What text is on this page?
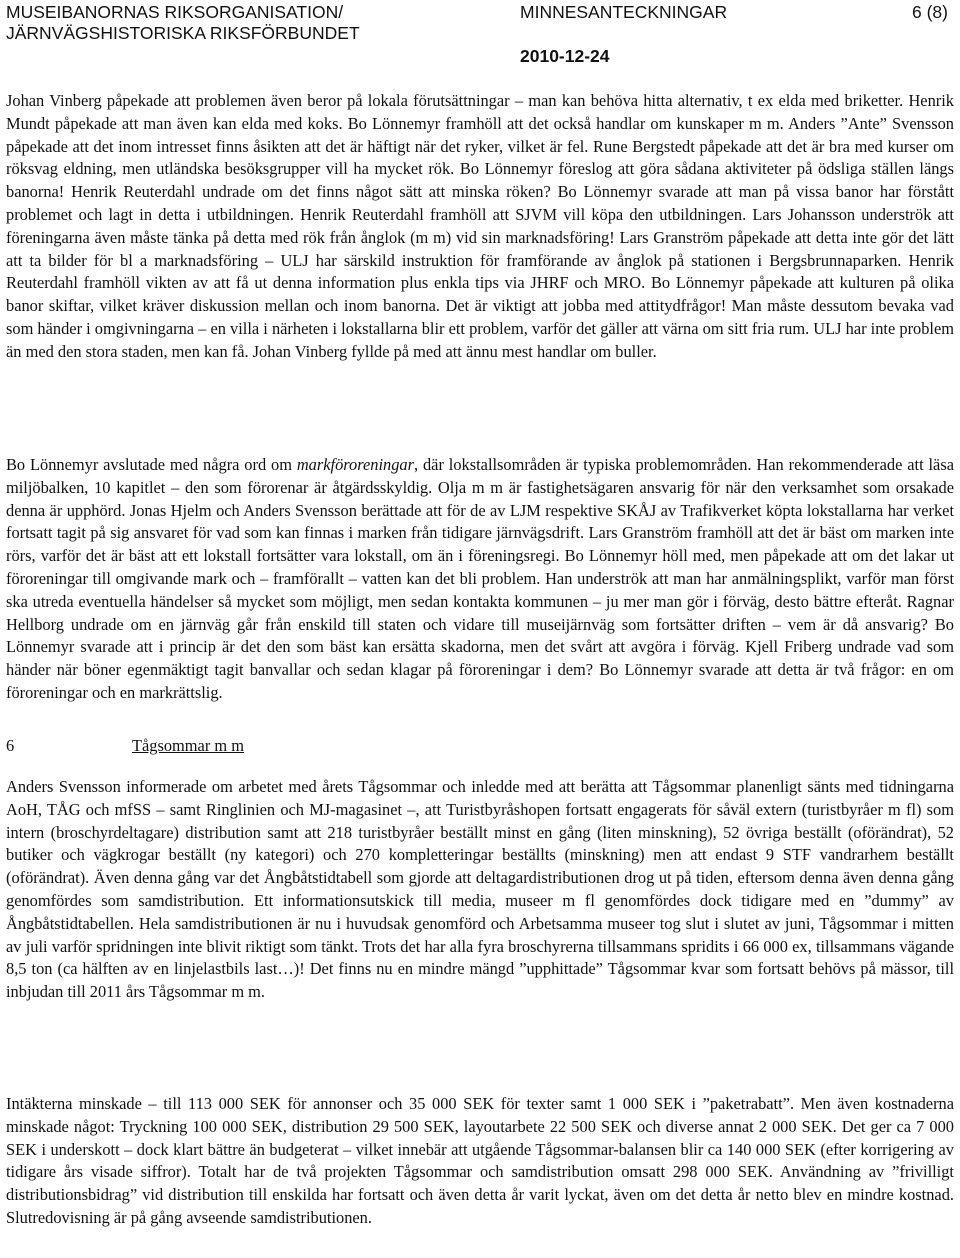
MUSEIBANORNAS RIKSORGANISATION/
JÄRNVÄGSHISTORISKA RIKSFÖRBUNDET
MINNESANTECKNINGAR	6 (8)
2010-12-24

Johan Vinberg påpekade att problemen även beror på lokala förutsättningar – man kan behöva hitta alternativ, t ex elda med briketter. Henrik Mundt påpekade att man även kan elda med koks. Bo Lönnemyr framhöll att det också handlar om kunskaper m m. Anders ”Ante” Svensson påpekade att det inom intresset finns åsikten att det är häftigt när det ryker, vilket är fel. Rune Bergstedt påpekade att det är bra med kurser om röksvag eldning, men utländska besöksgrupper vill ha mycket rök. Bo Lönnemyr föreslog att göra sådana aktiviteter på ödsliga ställen längs banorna! Henrik Reuterdahl undrade om det finns något sätt att minska röken? Bo Lönnemyr svarade att man på vissa banor har förstått problemet och lagt in detta i utbildningen. Henrik Reuterdahl framhöll att SJVM vill köpa den utbildningen. Lars Johansson underströk att föreningarna även måste tänka på detta med rök från ånglok (m m) vid sin marknadsföring! Lars Granström påpekade att detta inte gör det lätt att ta bilder för bl a marknadsföring – ULJ har särskild instruktion för framförande av ånglok på stationen i Bergsbrunnaparken. Henrik Reuterdahl framhöll vikten av att få ut denna information plus enkla tips via JHRF och MRO. Bo Lönnemyr påpekade att kulturen på olika banor skiftar, vilket kräver diskussion mellan och inom banorna. Det är viktigt att jobba med attitydfrågor! Man måste dessutom bevaka vad som händer i omgivningarna – en villa i närheten i lokstallarna blir ett problem, varför det gäller att värna om sitt fria rum. ULJ har inte problem än med den stora staden, men kan få. Johan Vinberg fyllde på med att ännu mest handlar om buller.

Bo Lönnemyr avslutade med några ord om markföroreningar, där lokstallsområden är typiska problemområden. Han rekommenderade att läsa miljöbalken, 10 kapitlet – den som förorenar är åtgärdsskyldig. Olja m m är fastighetsägaren ansvarig för när den verksamhet som orsakade denna är upphörd. Jonas Hjelm och Anders Svensson berättade att för de av LJM respektive SKÅJ av Trafikverket köpta lokstallarna har verket fortsatt tagit på sig ansvaret för vad som kan finnas i marken från tidigare järnvägsdrift. Lars Granström framhöll att det är bäst om marken inte rörs, varför det är bäst att ett lokstall fortsätter vara lokstall, om än i föreningsregi. Bo Lönnemyr höll med, men påpekade att om det lakar ut föroreningar till omgivande mark och – framförallt – vatten kan det bli problem. Han underströk att man har anmälningsplikt, varför man först ska utreda eventuella händelser så mycket som möjligt, men sedan kontakta kommunen – ju mer man gör i förväg, desto bättre efteråt. Ragnar Hellborg undrade om en järnväg går från enskild till staten och vidare till museijärnväg som fortsätter driften – vem är då ansvarig? Bo Lönnemyr svarade att i princip är det den som bäst kan ersätta skadorna, men det svårt att avgöra i förväg. Kjell Friberg undrade vad som händer när böner egenmäktigt tagit banvallar och sedan klagar på föroreningar i dem? Bo Lönnemyr svarade att detta är två frågor: en om föroreningar och en markrättslig.

6	Tågsommar m m

Anders Svensson informerade om arbetet med årets Tågsommar och inledde med att berätta att Tågsommar planenligt sänts med tidningarna AoH, TÅG och mfSS – samt Ringlinien och MJ-magasinet –, att Turistbyråshopen fortsatt engagerats för såväl extern (turistbyråer m fl) som intern (broschyrdeltagare) distribution samt att 218 turistbyråer beställt minst en gång (liten minskning), 52 övriga beställt (oförändrat), 52 butiker och vägkrogar beställt (ny kategori) och 270 kompletteringar beställts (minskning) men att endast 9 STF vandrarhem beställt (oförändrat). Även denna gång var det Ångbåtstidtabell som gjorde att deltagardistributionen drog ut på tiden, eftersom denna även denna gång genomfördes som samdistribution. Ett informationsutskick till media, museer m fl genomfördes dock tidigare med en ”dummy” av Ångbåtstidtabellen. Hela samdistributionen är nu i huvudsak genomförd och Arbetsamma museer tog slut i slutet av juni, Tågsommar i mitten av juli varför spridningen inte blivit riktigt som tänkt. Trots det har alla fyra broschyrerna tillsammans spridits i 66 000 ex, tillsammans vägande 8,5 ton (ca hälften av en linjelastbils last…)! Det finns nu en mindre mängd ”upphittade” Tågsommar kvar som fortsatt behövs på mässor, till inbjudan till 2011 års Tågsommar m m.

Intäkterna minskade – till 113 000 SEK för annonser och 35 000 SEK för texter samt 1 000 SEK i ”paketrabatt”. Men även kostnaderna minskade något: Tryckning 100 000 SEK, distribution 29 500 SEK, layoutarbete 22 500 SEK och diverse annat 2 000 SEK. Det ger ca 7 000 SEK i underskott – dock klart bättre än budgeterat – vilket innebär att utgående Tågsommar-balansen blir ca 140 000 SEK (efter korrigering av tidigare års visade siffror). Totalt har de två projekten Tågsommar och samdistribution omsatt 298 000 SEK. Användning av ”frivilligt distributionsbidrag” vid distribution till enskilda har fortsatt och även detta år varit lyckat, även om det detta år netto blev en mindre kostnad. Slutredovisning är på gång avseende samdistributionen.
